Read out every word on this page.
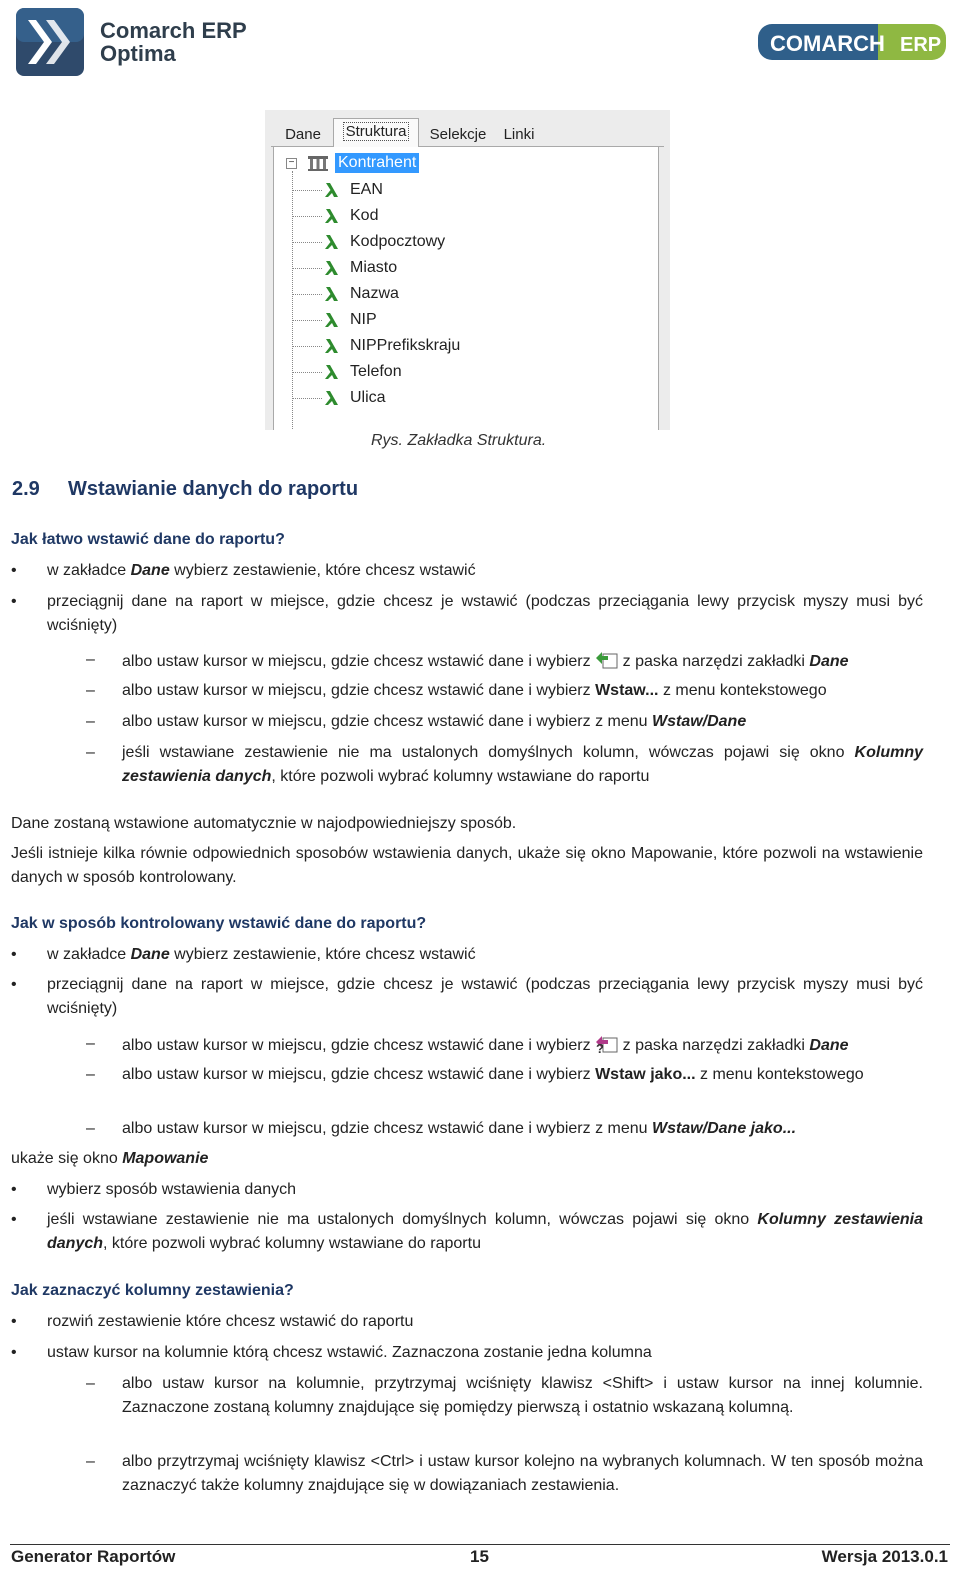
Comarch ERP
Optima	COMARCH ERP
Dane	Struktura	Selekcje	Linki
−	Kontrahent
EAN
Kod
Kodpocztowy
Miasto
Nazwa
NIP
NIPPrefikskraju
Telefon
Ulica
Rys. Zakładka Struktura.
2.9 Wstawianie danych do raportu
Jak łatwo wstawić dane do raportu?
• w zakładce Dane wybierz zestawienie, które chcesz wstawić
• przeciągnij dane na raport w miejsce, gdzie chcesz je wstawić (podczas przeciągania lewy przycisk myszy musi być wciśnięty)
– albo ustaw kursor w miejscu, gdzie chcesz wstawić dane i wybierz z paska narzędzi zakładki Dane
– albo ustaw kursor w miejscu, gdzie chcesz wstawić dane i wybierz Wstaw... z menu kontekstowego
– albo ustaw kursor w miejscu, gdzie chcesz wstawić dane i wybierz z menu Wstaw/Dane
– jeśli wstawiane zestawienie nie ma ustalonych domyślnych kolumn, wówczas pojawi się okno Kolumny zestawienia danych, które pozwoli wybrać kolumny wstawiane do raportu
Dane zostaną wstawione automatycznie w najodpowiedniejszy sposób.
Jeśli istnieje kilka równie odpowiednich sposobów wstawienia danych, ukaże się okno Mapowanie, które pozwoli na wstawienie danych w sposób kontrolowany.
Jak w sposób kontrolowany wstawić dane do raportu?
• w zakładce Dane wybierz zestawienie, które chcesz wstawić
• przeciągnij dane na raport w miejsce, gdzie chcesz je wstawić (podczas przeciągania lewy przycisk myszy musi być wciśnięty)
– albo ustaw kursor w miejscu, gdzie chcesz wstawić dane i wybierz ? z paska narzędzi zakładki Dane
– albo ustaw kursor w miejscu, gdzie chcesz wstawić dane i wybierz Wstaw jako... z menu kontekstowego
– albo ustaw kursor w miejscu, gdzie chcesz wstawić dane i wybierz z menu Wstaw/Dane jako...
ukaże się okno Mapowanie
• wybierz sposób wstawienia danych
• jeśli wstawiane zestawienie nie ma ustalonych domyślnych kolumn, wówczas pojawi się okno Kolumny zestawienia danych, które pozwoli wybrać kolumny wstawiane do raportu
Jak zaznaczyć kolumny zestawienia?
• rozwiń zestawienie które chcesz wstawić do raportu
• ustaw kursor na kolumnie którą chcesz wstawić. Zaznaczona zostanie jedna kolumna
– albo ustaw kursor na kolumnie, przytrzymaj wciśnięty klawisz <Shift> i ustaw kursor na innej kolumnie. Zaznaczone zostaną kolumny znajdujące się pomiędzy pierwszą i ostatnio wskazaną kolumną.
– albo przytrzymaj wciśnięty klawisz <Ctrl> i ustaw kursor kolejno na wybranych kolumnach. W ten sposób można zaznaczyć także kolumny znajdujące się w dowiązaniach zestawienia.
Generator Raportów	15	Wersja 2013.0.1
